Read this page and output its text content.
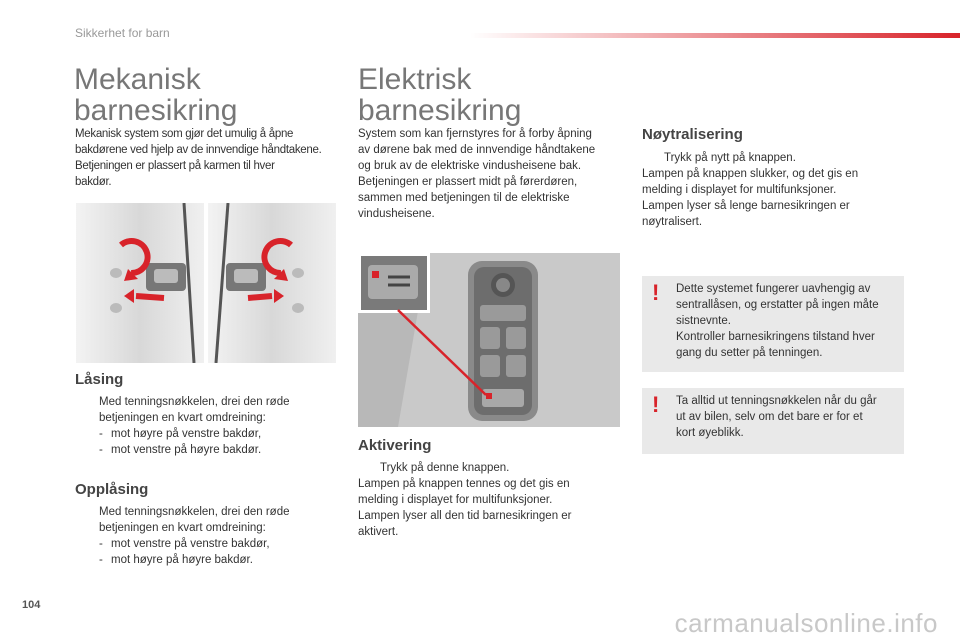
Sikkerhet for barn
Mekanisk
barnesikring
Mekanisk system som gjør det umulig å åpne
bakdørene ved hjelp av de innvendige håndtakene.
Betjeningen er plassert på karmen til hver
bakdør.
Låsing
Med tenningsnøkkelen, drei den røde
betjeningen en kvart omdreining:
- mot høyre på venstre bakdør,
- mot venstre på høyre bakdør.
Opplåsing
Med tenningsnøkkelen, drei den røde
betjeningen en kvart omdreining:
- mot venstre på venstre bakdør,
- mot høyre på høyre bakdør.
Elektrisk
barnesikring
System som kan fjernstyres for å forby åpning
av dørene bak med de innvendige håndtakene
og bruk av de elektriske vindusheisene bak.
Betjeningen er plassert midt på førerdøren,
sammen med betjeningen til de elektriske
vindusheisene.
Aktivering
Trykk på denne knappen.
Lampen på knappen tennes og det gis en
melding i displayet for multifunksjoner.
Lampen lyser all den tid barnesikringen er
aktivert.
Nøytralisering
Trykk på nytt på knappen.
Lampen på knappen slukker, og det gis en
melding i displayet for multifunksjoner.
Lampen lyser så lenge barnesikringen er
nøytralisert.
! Dette systemet fungerer uavhengig av
sentrallåsen, og erstatter på ingen måte
sistnevnte.
Kontroller barnesikringens tilstand hver
gang du setter på tenningen.
! Ta alltid ut tenningsnøkkelen når du går
ut av bilen, selv om det bare er for et
kort øyeblikk.
104
carmanualsonline.info
